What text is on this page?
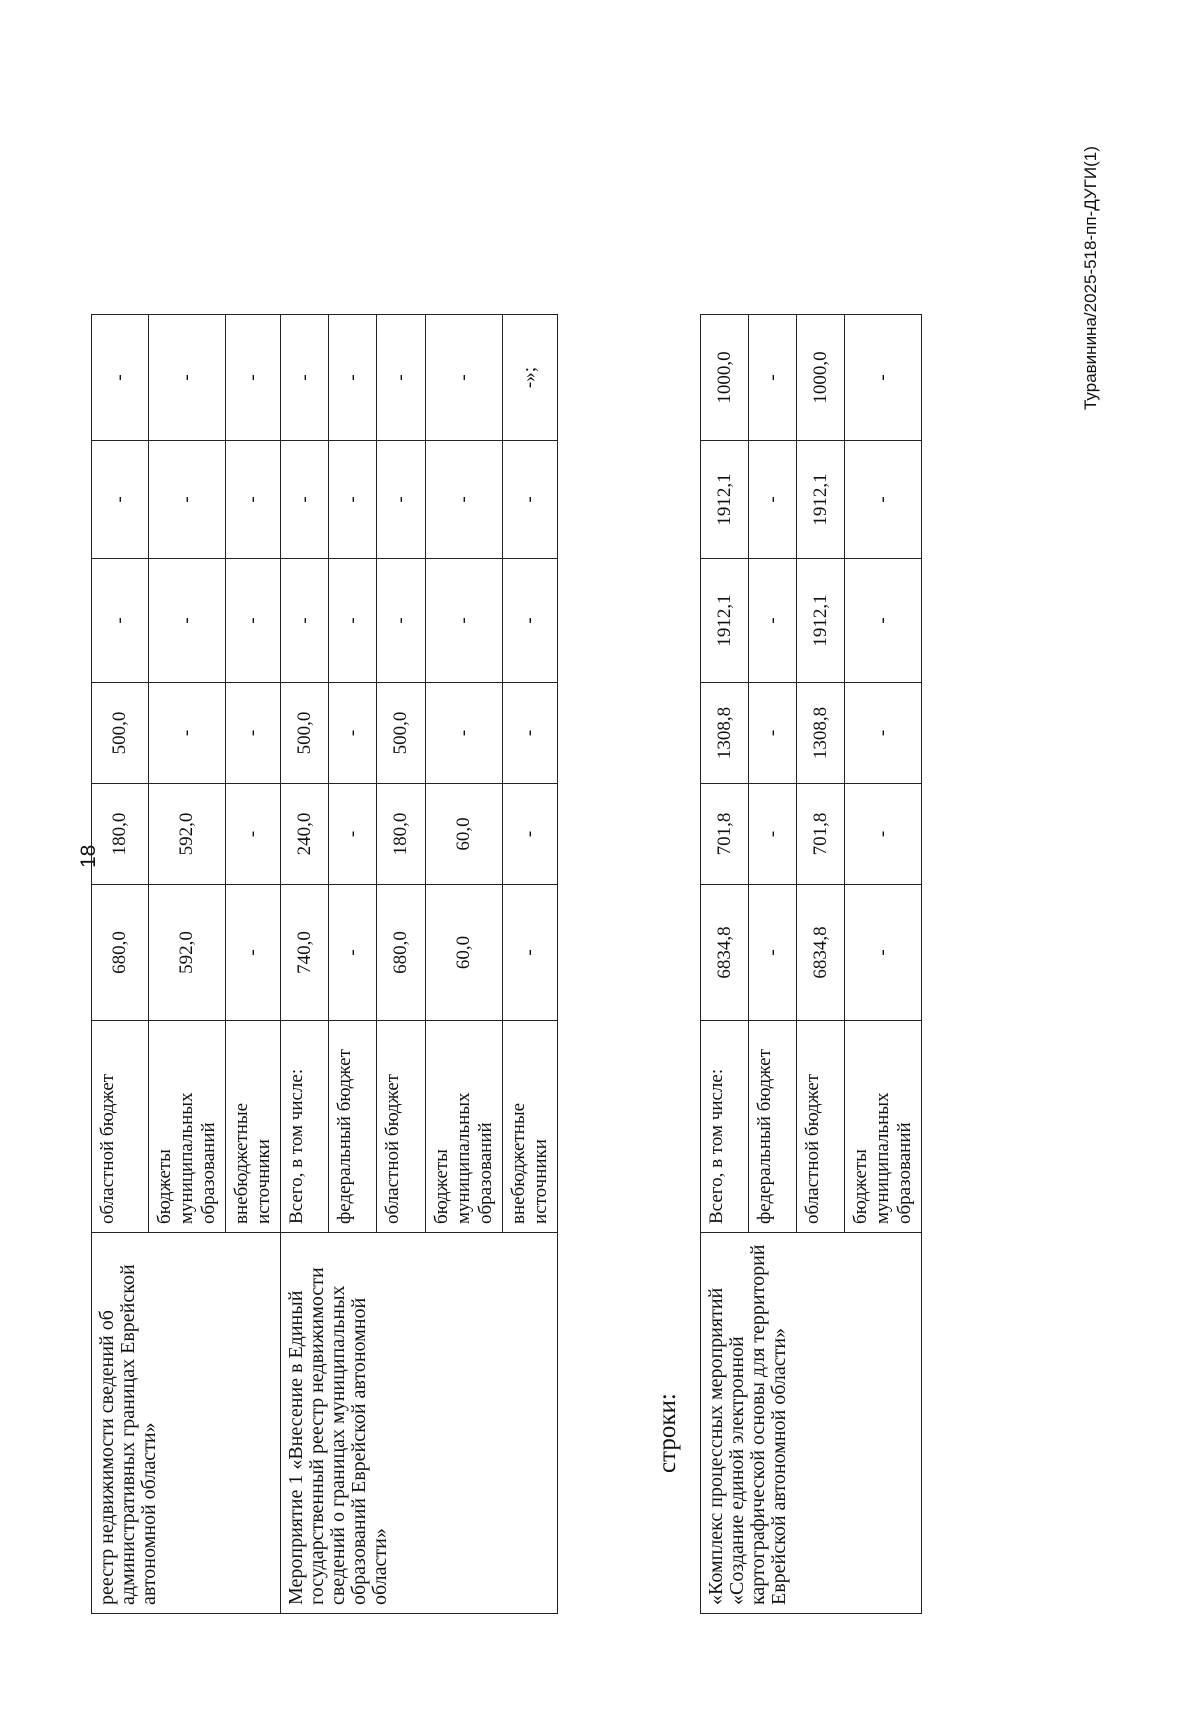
18
реестр недвижимости сведений об административных границах Еврейской автономной области»	областной бюджет	680,0	180,0	500,0	-	-	-
	бюджеты муниципальных образований	592,0	592,0	-	-	-	-
	внебюджетные источники	-	-	-	-	-	-
Мероприятие 1 «Внесение в Единый государственный реестр недвижимости сведений о границах муниципальных образований Еврейской автономной области»	Всего, в том числе:	740,0	240,0	500,0	-	-	-
	федеральный бюджет	-	-	-	-	-	-
	областной бюджет	680,0	180,0	500,0	-	-	-
	бюджеты муниципальных образований	60,0	60,0	-	-	-	-
	внебюджетные источники	-	-	-	-	-	-»;
строки: «Комплекс процессных мероприятий «Создание единой электронной картографической основы для территорий Еврейской автономной области»	Всего, в том числе:	6834,8	701,8	1308,8	1912,1	1912,1	1000,0
	федеральный бюджет	-	-	-	-	-	-
	областной бюджет	6834,8	701,8	1308,8	1912,1	1912,1	1000,0
	бюджеты муниципальных образований	-	-	-	-	-	-	Туравинина/2025-518-пп-ДУГИ(1)
